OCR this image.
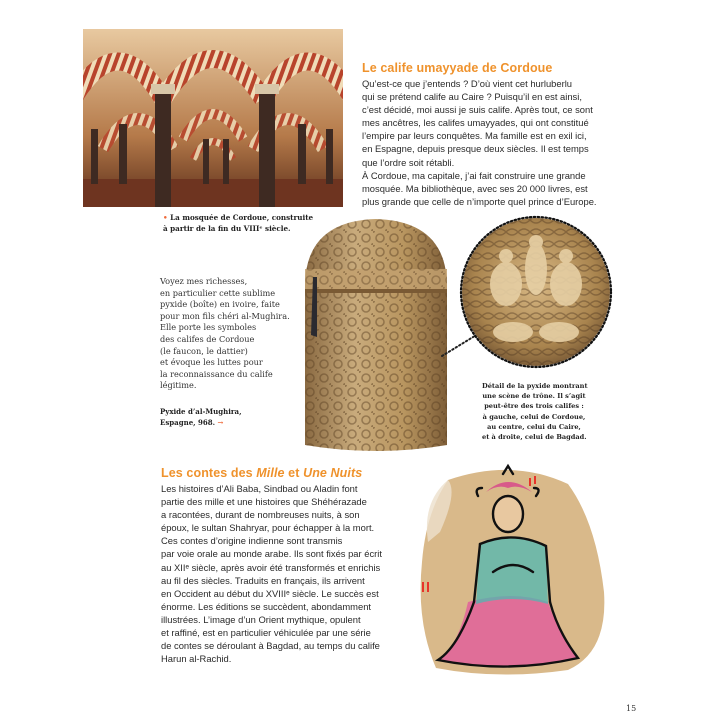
• La mosquée de Cordoue, construite
à partir de la fin du VIIIᵉ siècle.
Le calife umayyade de Cordoue
Qu’est-ce que j’entends ? D’où vient cet hurluberlu
qui se prétend calife au Caire ? Puisqu’il en est ainsi,
c’est décidé, moi aussi je suis calife. Après tout, ce sont
mes ancêtres, les califes umayyades, qui ont constitué
l’empire par leurs conquêtes. Ma famille est en exil ici,
en Espagne, depuis presque deux siècles. Il est temps
que l’ordre soit rétabli.
À Cordoue, ma capitale, j’ai fait construire une grande
mosquée. Ma bibliothèque, avec ses 20 000 livres, est
plus grande que celle de n’importe quel prince d’Europe.
Voyez mes richesses,
en particulier cette sublime
pyxide (boîte) en ivoire, faite
pour mon fils chéri al-Mughira.
Elle porte les symboles
des califes de Cordoue
(le faucon, le dattier)
et évoque les luttes pour
la reconnaissance du calife
légitime.
Pyxide d’al-Mughira,
Espagne, 968. →
Détail de la pyxide montrant
une scène de trône. Il s’agit
peut-être des trois califes :
à gauche, celui de Cordoue,
au centre, celui du Caire,
et à droite, celui de Bagdad.
Les contes des Mille et Une Nuits
Les histoires d’Ali Baba, Sindbad ou Aladin font
partie des mille et une histoires que Shéhérazade
a racontées, durant de nombreuses nuits, à son
époux, le sultan Shahryar, pour échapper à la mort.
Ces contes d’origine indienne sont transmis
par voie orale au monde arabe. Ils sont fixés par écrit
au XIIᵉ siècle, après avoir été transformés et enrichis
au fil des siècles. Traduits en français, ils arrivent
en Occident au début du XVIIIᵉ siècle. Le succès est
énorme. Les éditions se succèdent, abondamment
illustrées. L’image d’un Orient mythique, opulent
et raffiné, est en particulier véhiculée par une série
de contes se déroulant à Bagdad, au temps du calife
Harun al-Rachid.
15
